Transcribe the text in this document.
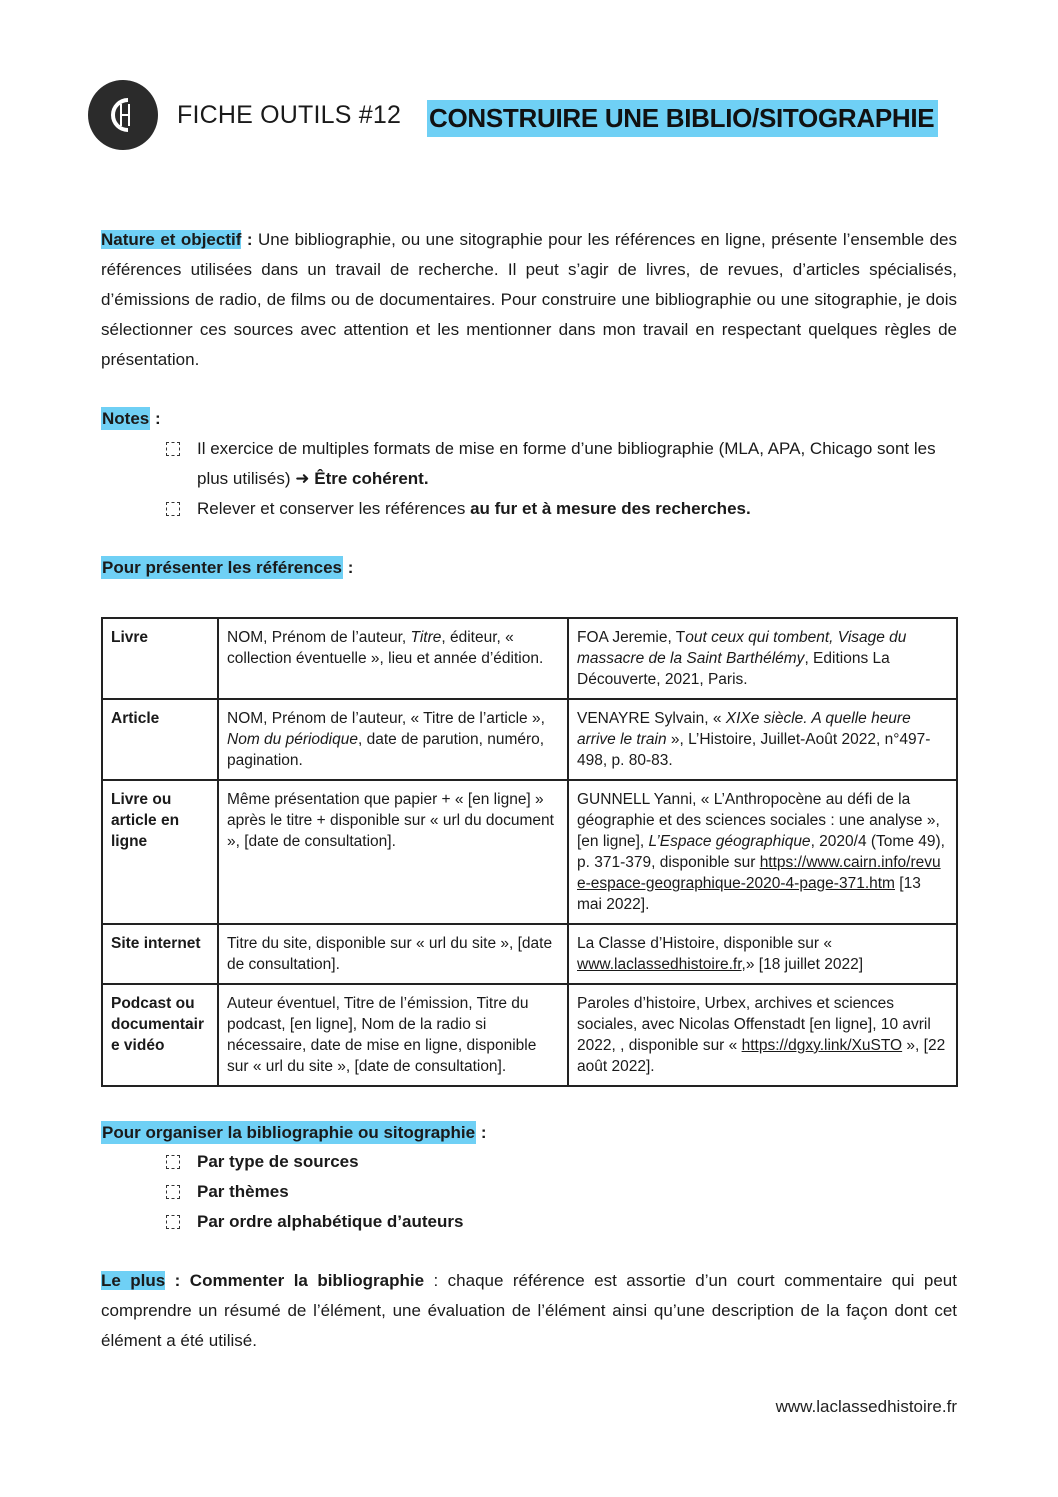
FICHE OUTILS #12 CONSTRUIRE UNE BIBLIO/SITOGRAPHIE
Nature et objectif : Une bibliographie, ou une sitographie pour les références en ligne, présente l’ensemble des références utilisées dans un travail de recherche. Il peut s’agir de livres, de revues, d’articles spécialisés, d’émissions de radio, de films ou de documentaires. Pour construire une bibliographie ou une sitographie, je dois sélectionner ces sources avec attention et les mentionner dans mon travail en respectant quelques règles de présentation.
Notes :
Il exercice de multiples formats de mise en forme d’une bibliographie (MLA, APA, Chicago sont les plus utilisés) ➜ Être cohérent.
Relever et conserver les références au fur et à mesure des recherches.
Pour présenter les références :
Livre	NOM, Prénom de l’auteur, Titre, éditeur, « collection éventuelle », lieu et année d’édition.	FOA Jeremie, Tout ceux qui tombent, Visage du massacre de la Saint Barthélémy, Editions La Découverte, 2021, Paris.
Article	NOM, Prénom de l’auteur, « Titre de l’article », Nom du périodique, date de parution, numéro, pagination.	VENAYRE Sylvain, « XIXe siècle. A quelle heure arrive le train », L’Histoire, Juillet-Août 2022, n°497-498, p. 80-83.
Livre ou article en ligne	Même présentation que papier + « [en ligne] » après le titre + disponible sur « url du document », [date de consultation].	GUNNELL Yanni, « L’Anthropocène au défi de la géographie et des sciences sociales : une analyse », [en ligne], L’Espace géographique, 2020/4 (Tome 49), p. 371-379, disponible sur https://www.cairn.info/revue-espace-geographique-2020-4-page-371.htm [13 mai 2022].
Site internet	Titre du site, disponible sur « url du site », [date de consultation].	La Classe d’Histoire, disponible sur « www.laclassedhistoire.fr,» [18 juillet 2022]
Podcast ou documentair e vidéo	Auteur éventuel, Titre de l’émission, Titre du podcast, [en ligne], Nom de la radio si nécessaire, date de mise en ligne, disponible sur « url du site », [date de consultation].	Paroles d’histoire, Urbex, archives et sciences sociales, avec Nicolas Offenstadt [en ligne], 10 avril 2022, , disponible sur « https://dgxy.link/XuSTO », [22 août 2022].
Pour organiser la bibliographie ou sitographie :
Par type de sources
Par thèmes
Par ordre alphabétique d’auteurs
Le plus : Commenter la bibliographie : chaque référence est assortie d’un court commentaire qui peut comprendre un résumé de l’élément, une évaluation de l’élément ainsi qu’une description de la façon dont cet élément a été utilisé.
www.laclassedhistoire.fr
